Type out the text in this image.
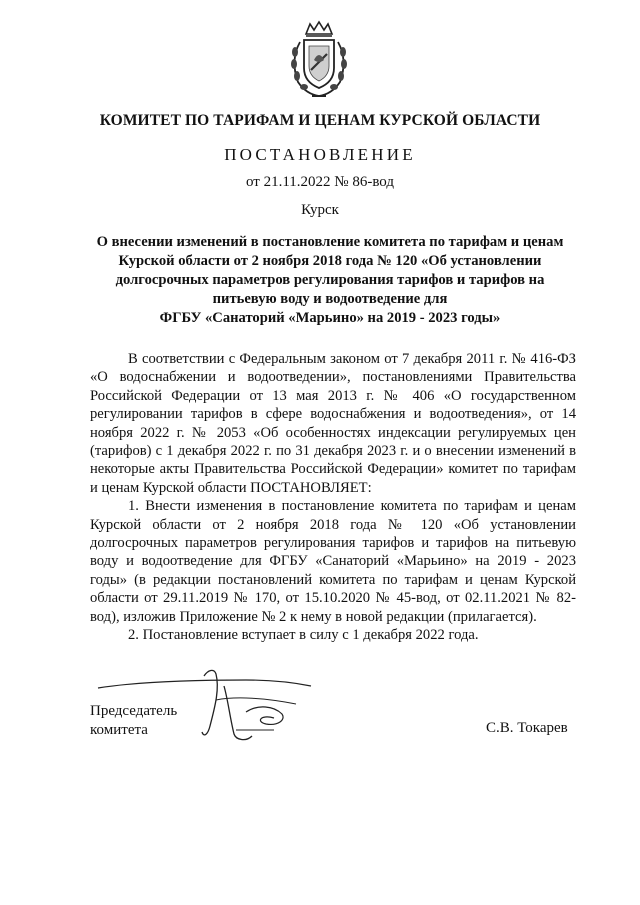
КОМИТЕТ ПО ТАРИФАМ И ЦЕНАМ КУРСКОЙ ОБЛАСТИ
ПОСТАНОВЛЕНИЕ
от 21.11.2022 № 86-вод
Курск
О внесении изменений в постановление комитета по тарифам и ценам
Курской области от 2 ноября 2018 года № 120 «Об установлении
долгосрочных параметров регулирования тарифов и тарифов на
питьевую воду и водоотведение для
ФГБУ «Санаторий «Марьино» на 2019 - 2023 годы»

В соответствии с Федеральным законом от 7 декабря 2011 г. № 416-ФЗ «О водоснабжении и водоотведении», постановлениями Правительства Российской Федерации от 13 мая 2013 г. № 406 «О государственном регулировании тарифов в сфере водоснабжения и водоотведения», от 14 ноября 2022 г. № 2053 «Об особенностях индексации регулируемых цен (тарифов) с 1 декабря 2022 г. по 31 декабря 2023 г. и о внесении изменений в некоторые акты Правительства Российской Федерации» комитет по тарифам и ценам Курской области ПОСТАНОВЛЯЕТ:

1. Внести изменения в постановление комитета по тарифам и ценам Курской области от 2 ноября 2018 года № 120 «Об установлении долгосрочных параметров регулирования тарифов и тарифов на питьевую воду и водоотведение для ФГБУ «Санаторий «Марьино» на 2019 - 2023 годы» (в редакции постановлений комитета по тарифам и ценам Курской области от 29.11.2019 № 170, от 15.10.2020 № 45-вод, от 02.11.2021 № 82-вод), изложив Приложение № 2 к нему в новой редакции (прилагается).

2. Постановление вступает в силу с 1 декабря 2022 года.

Председатель
комитета	С.В. Токарев
